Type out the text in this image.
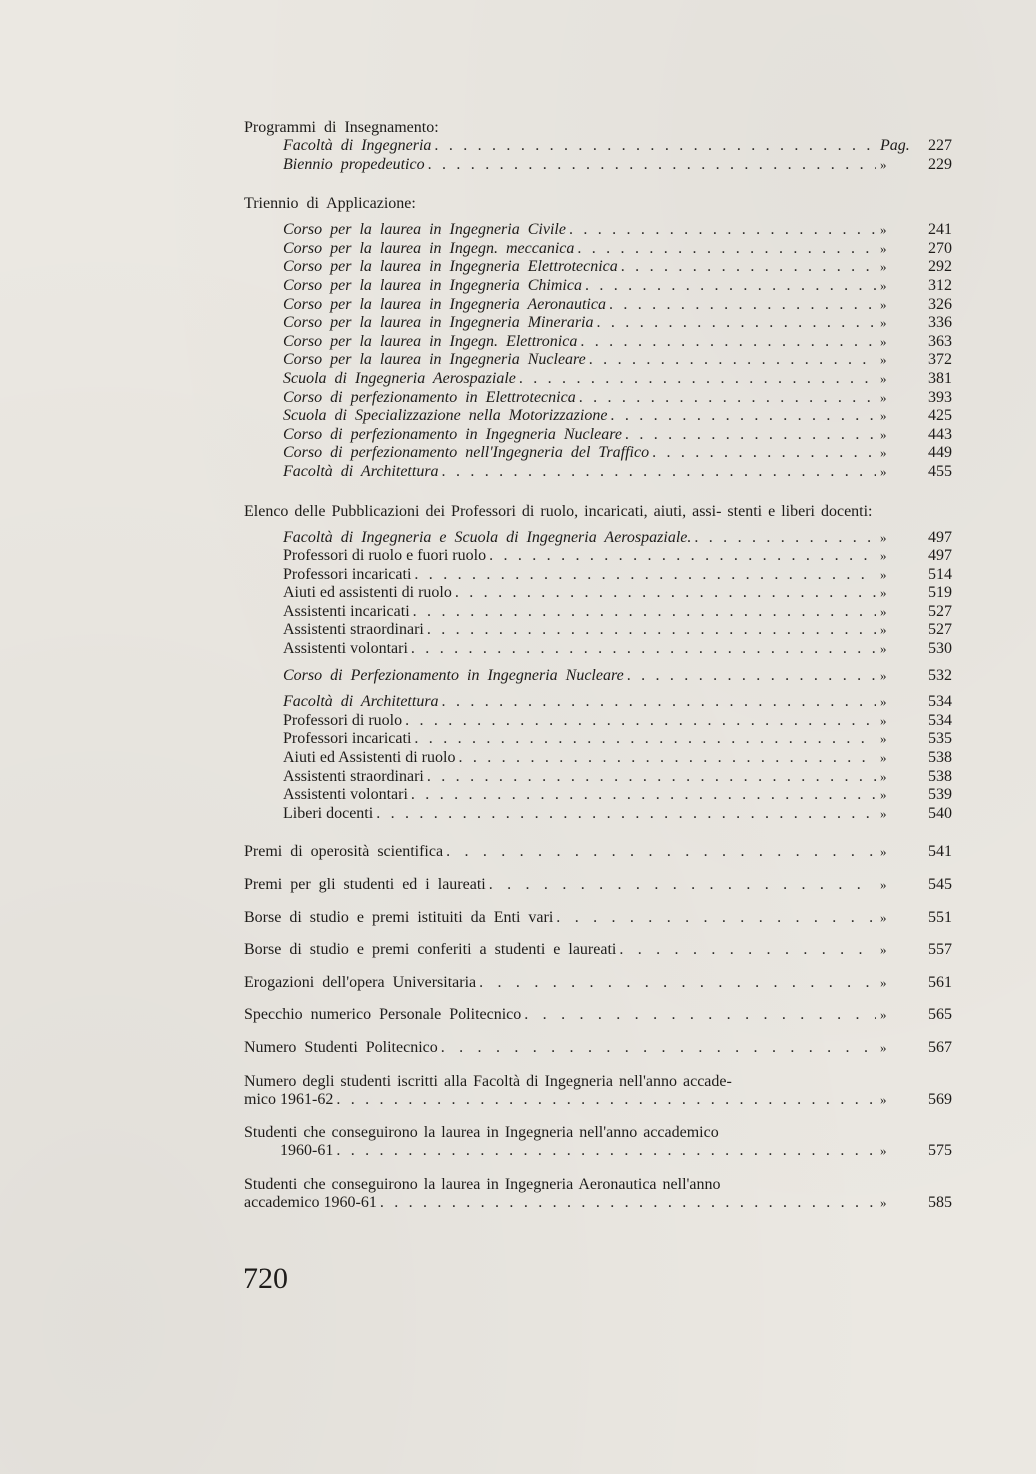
Programmi di Insegnamento:
Facoltà di Ingegneria . . .	Pag.	227
Biennio propedeutico . . .	»	229
Triennio di Applicazione:
Corso per la laurea in Ingegneria Civile . . .	»	241
Corso per la laurea in Ingegn. meccanica . . .	»	270
Corso per la laurea in Ingegneria Elettrotecnica . . .	»	292
Corso per la laurea in Ingegneria Chimica . . .	»	312
Corso per la laurea in Ingegneria Aeronautica . . .	»	326
Corso per la laurea in Ingegneria Mineraria . . .	»	336
Corso per la laurea in Ingegn. Elettronica . . .	»	363
Corso per la laurea in Ingegneria Nucleare . . .	»	372
Scuola di Ingegneria Aerospaziale . . .	»	381
Corso di perfezionamento in Elettrotecnica . . .	»	393
Scuola di Specializzazione nella Motorizzazione . . .	»	425
Corso di perfezionamento in Ingegneria Nucleare . . .	»	443
Corso di perfezionamento nell'Ingegneria del Traffico . . .	»	449
Facoltà di Architettura . . .	»	455
Elenco delle Pubblicazioni dei Professori di ruolo, incaricati, aiuti, assi- stenti e liberi docenti:
Facoltà di Ingegneria e Scuola di Ingegneria Aerospaziale. . . .	»	497
Professori di ruolo e fuori ruolo . . .	»	497
Professori incaricati . . .	»	514
Aiuti ed assistenti di ruolo . . .	»	519
Assistenti incaricati . . .	»	527
Assistenti straordinari . . .	»	527
Assistenti volontari . . .	»	530
Corso di Perfezionamento in Ingegneria Nucleare . . .	»	532
Facoltà di Architettura . . .	»	534
Professori di ruolo . . .	»	534
Professori incaricati . . .	»	535
Aiuti ed Assistenti di ruolo . . .	»	538
Assistenti straordinari . . .	»	538
Assistenti volontari . . .	»	539
Liberi docenti . . .	»	540
Premi di operosità scientifica . . .	»	541
Premi per gli studenti ed i laureati . . .	»	545
Borse di studio e premi istituiti da Enti vari . . .	»	551
Borse di studio e premi conferiti a studenti e laureati . . .	»	557
Erogazioni dell'opera Universitaria . . .	»	561
Specchio numerico Personale Politecnico . . .	»	565
Numero Studenti Politecnico . . .	»	567
Numero degli studenti iscritti alla Facoltà di Ingegneria nell'anno accade-
mico 1961-62 . . .	»	569
Studenti che conseguirono la laurea in Ingegneria nell'anno accademico
1960-61 . . .	»	575
Studenti che conseguirono la laurea in Ingegneria Aeronautica nell'anno
accademico 1960-61 . . .	»	585
720
